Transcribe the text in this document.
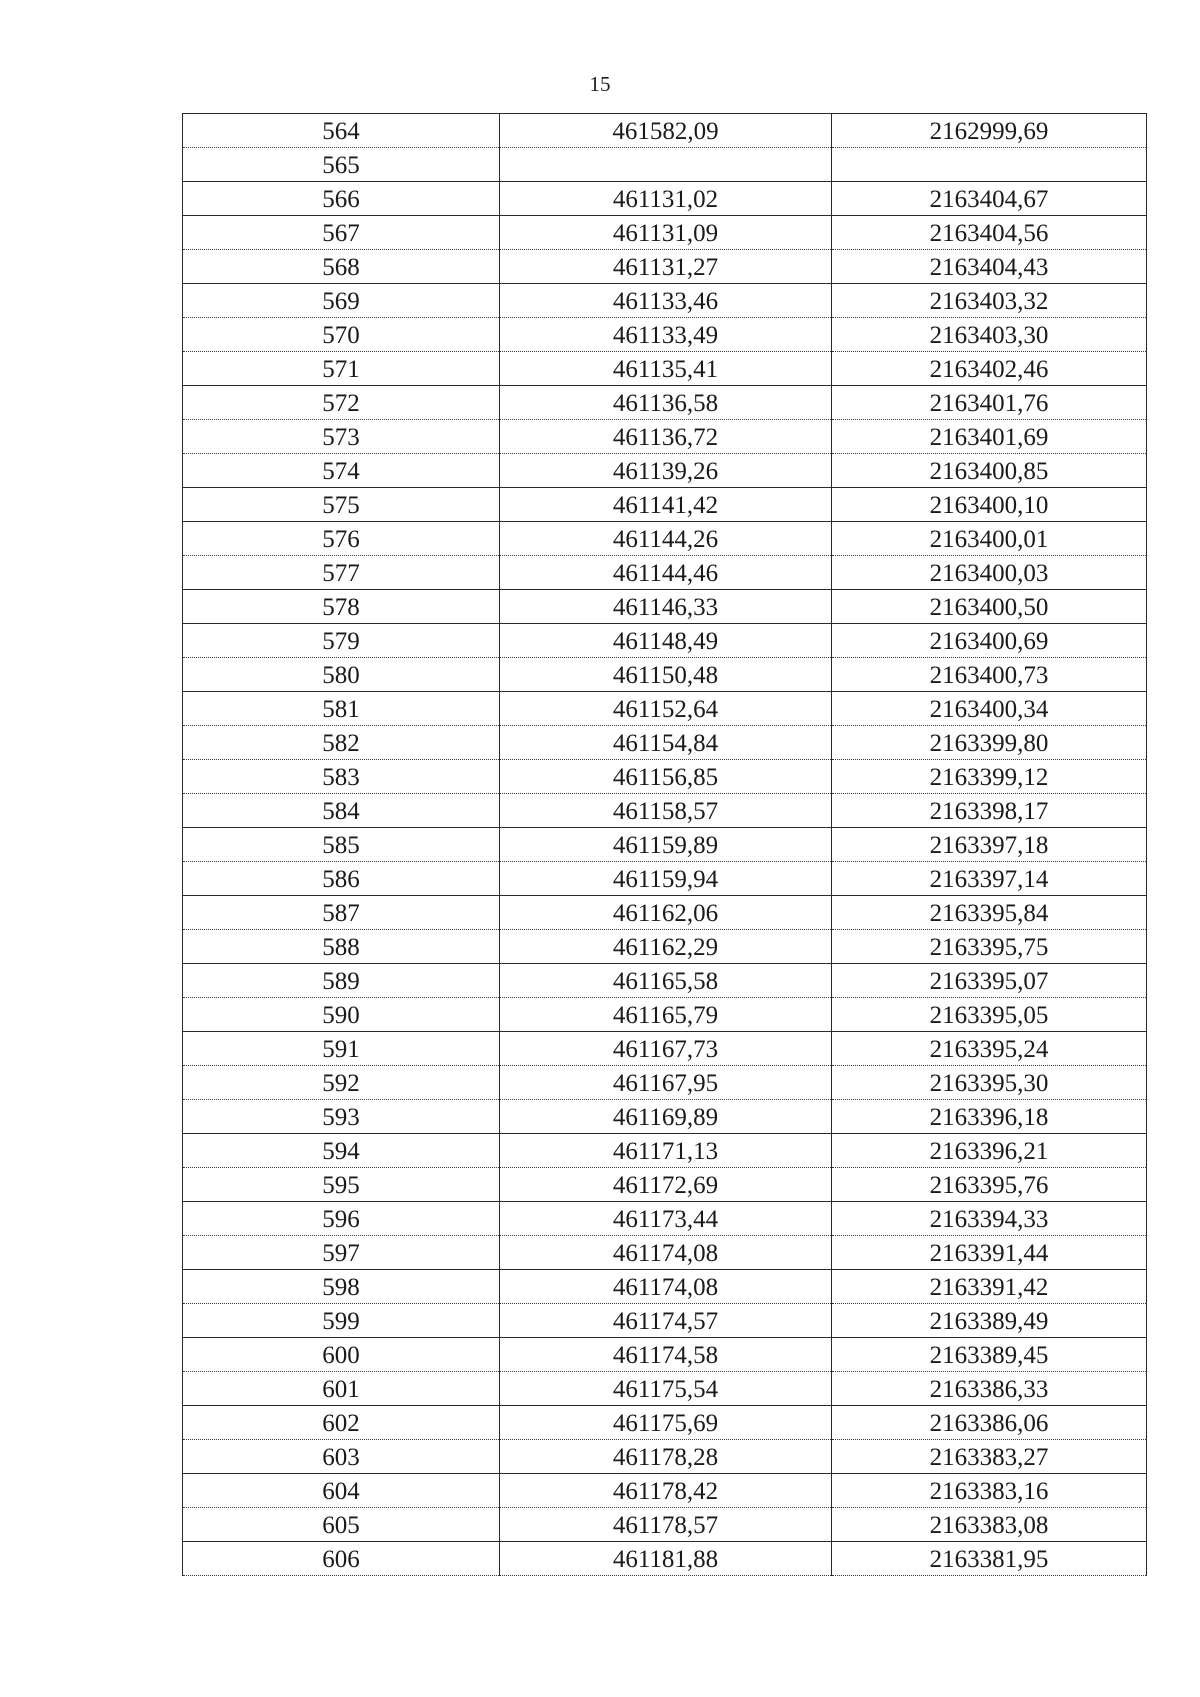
15
564	461582,09	2162999,69
565		
566	461131,02	2163404,67
567	461131,09	2163404,56
568	461131,27	2163404,43
569	461133,46	2163403,32
570	461133,49	2163403,30
571	461135,41	2163402,46
572	461136,58	2163401,76
573	461136,72	2163401,69
574	461139,26	2163400,85
575	461141,42	2163400,10
576	461144,26	2163400,01
577	461144,46	2163400,03
578	461146,33	2163400,50
579	461148,49	2163400,69
580	461150,48	2163400,73
581	461152,64	2163400,34
582	461154,84	2163399,80
583	461156,85	2163399,12
584	461158,57	2163398,17
585	461159,89	2163397,18
586	461159,94	2163397,14
587	461162,06	2163395,84
588	461162,29	2163395,75
589	461165,58	2163395,07
590	461165,79	2163395,05
591	461167,73	2163395,24
592	461167,95	2163395,30
593	461169,89	2163396,18
594	461171,13	2163396,21
595	461172,69	2163395,76
596	461173,44	2163394,33
597	461174,08	2163391,44
598	461174,08	2163391,42
599	461174,57	2163389,49
600	461174,58	2163389,45
601	461175,54	2163386,33
602	461175,69	2163386,06
603	461178,28	2163383,27
604	461178,42	2163383,16
605	461178,57	2163383,08
606	461181,88	2163381,95
